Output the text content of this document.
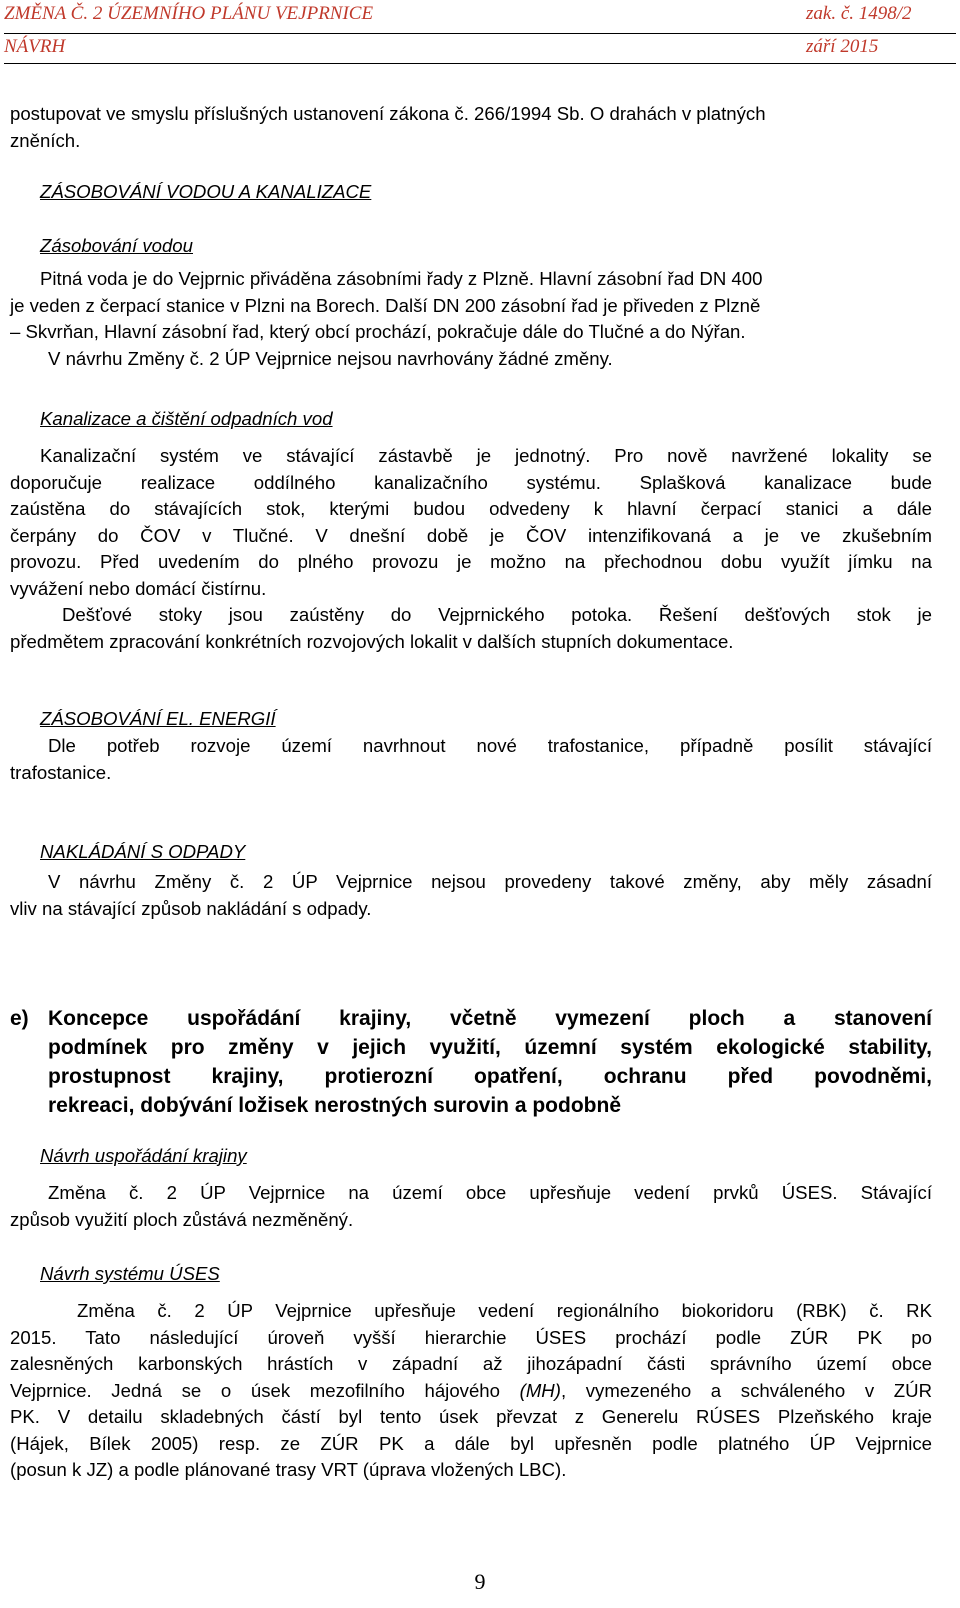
ZMĚNA Č. 2 ÚZEMNÍHO PLÁNU VEJPRNICE	zak. č. 1498/2
NÁVRH	září 2015
postupovat ve smyslu příslušných ustanovení zákona č. 266/1994 Sb. O drahách v platných
zněních.
ZÁSOBOVÁNÍ VODOU A KANALIZACE
Zásobování vodou
Pitná voda je do Vejprnic přiváděna zásobními řady z Plzně. Hlavní zásobní řad DN 400
je veden z čerpací stanice v Plzni na Borech. Další DN 200 zásobní řad je přiveden z Plzně
– Skvrňan, Hlavní zásobní řad, který obcí prochází, pokračuje dále do Tlučné a do Nýřan.
V návrhu Změny č. 2 ÚP Vejprnice nejsou navrhovány žádné změny.
Kanalizace a čištění odpadních vod
Kanalizační systém ve stávající zástavbě je jednotný. Pro nově navržené lokality se
doporučuje realizace oddílného kanalizačního systému. Splašková kanalizace bude
zaústěna do stávajících stok, kterými budou odvedeny k hlavní čerpací stanici a dále
čerpány do ČOV v Tlučné. V dnešní době je ČOV intenzifikovaná a je ve zkušebním
provozu. Před uvedením do plného provozu je možno na přechodnou dobu využít jímku na
vyvážení nebo domácí čistírnu.
Dešťové stoky jsou zaústěny do Vejprnického potoka. Řešení dešťových stok je
předmětem zpracování konkrétních rozvojových lokalit v dalších stupních dokumentace.
ZÁSOBOVÁNÍ EL. ENERGIÍ
Dle potřeb rozvoje území navrhnout nové trafostanice, případně posílit stávající
trafostanice.
NAKLÁDÁNÍ S ODPADY
V návrhu Změny č. 2 ÚP Vejprnice nejsou provedeny takové změny, aby měly zásadní
vliv na stávající způsob nakládání s odpady.
e) Koncepce uspořádání krajiny, včetně vymezení ploch a stanovení
podmínek pro změny v jejich využití, územní systém ekologické stability,
prostupnost krajiny, protierozní opatření, ochranu před povodněmi,
rekreaci, dobývání ložisek nerostných surovin a podobně
Návrh uspořádání krajiny
Změna č. 2 ÚP Vejprnice na území obce upřesňuje vedení prvků ÚSES. Stávající
způsob využití ploch zůstává nezměněný.
Návrh systému ÚSES
Změna č. 2 ÚP Vejprnice upřesňuje vedení regionálního biokoridoru (RBK) č. RK
2015. Tato následující úroveň vyšší hierarchie ÚSES prochází podle ZÚR PK po
zalesněných karbonských hrástích v západní až jihozápadní části správního území obce
Vejprnice. Jedná se o úsek mezofilního hájového (MH), vymezeného a schváleného v ZÚR
PK. V detailu skladebných částí byl tento úsek převzat z Generelu RÚSES Plzeňského kraje
(Hájek, Bílek 2005) resp. ze ZÚR PK a dále byl upřesněn podle platného ÚP Vejprnice
(posun k JZ) a podle plánované trasy VRT (úprava vložených LBC).
9
